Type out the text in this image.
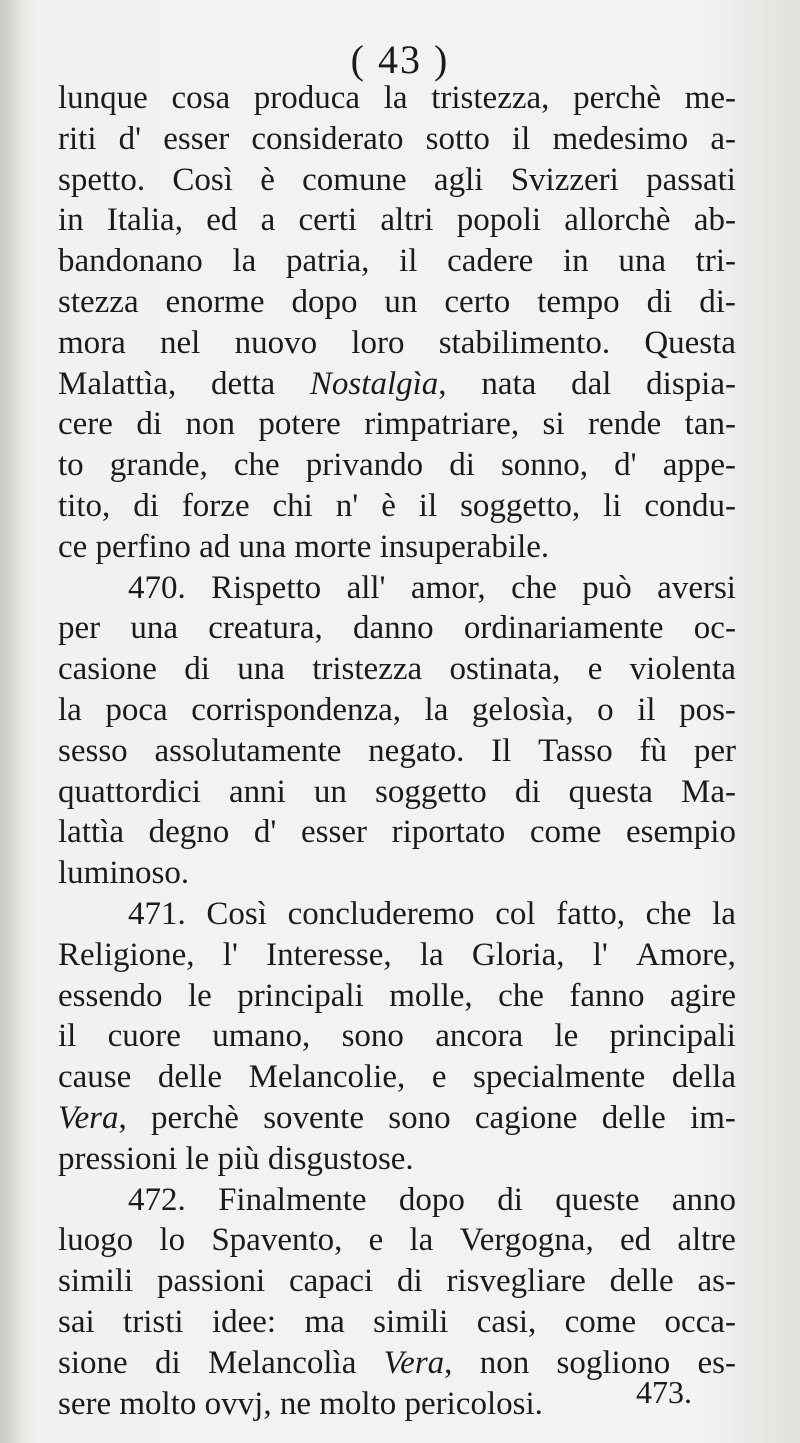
( 43 )
lunque cosa produca la tristezza, perchè me-
riti d' esser considerato sotto il medesimo a-
spetto. Così è comune agli Svizzeri passati
in Italia, ed a certi altri popoli allorchè ab-
bandonano la patria, il cadere in una tri-
stezza enorme dopo un certo tempo di di-
mora nel nuovo loro stabilimento. Questa
Malattìa, detta Nostalgìa, nata dal dispia-
cere di non potere rimpatriare, si rende tan-
to grande, che privando di sonno, d' appe-
tito, di forze chi n' è il soggetto, li condu-
ce perfino ad una morte insuperabile.
470. Rispetto all' amor, che può aversi
per una creatura, danno ordinariamente oc-
casione di una tristezza ostinata, e violenta
la poca corrispondenza, la gelosìa, o il pos-
sesso assolutamente negato. Il Tasso fù per
quattordici anni un soggetto di questa Ma-
lattìa degno d' esser riportato come esempio
luminoso.
471. Così concluderemo col fatto, che la
Religione, l' Interesse, la Gloria, l' Amore,
essendo le principali molle, che fanno agire
il cuore umano, sono ancora le principali
cause delle Melancolie, e specialmente della
Vera, perchè sovente sono cagione delle im-
pressioni le più disgustose.
472. Finalmente dopo di queste anno
luogo lo Spavento, e la Vergogna, ed altre
simili passioni capaci di risvegliare delle as-
sai tristi idee: ma simili casi, come occa-
sione di Melancolìa Vera, non sogliono es-
sere molto ovvj, ne molto pericolosi.	473.
